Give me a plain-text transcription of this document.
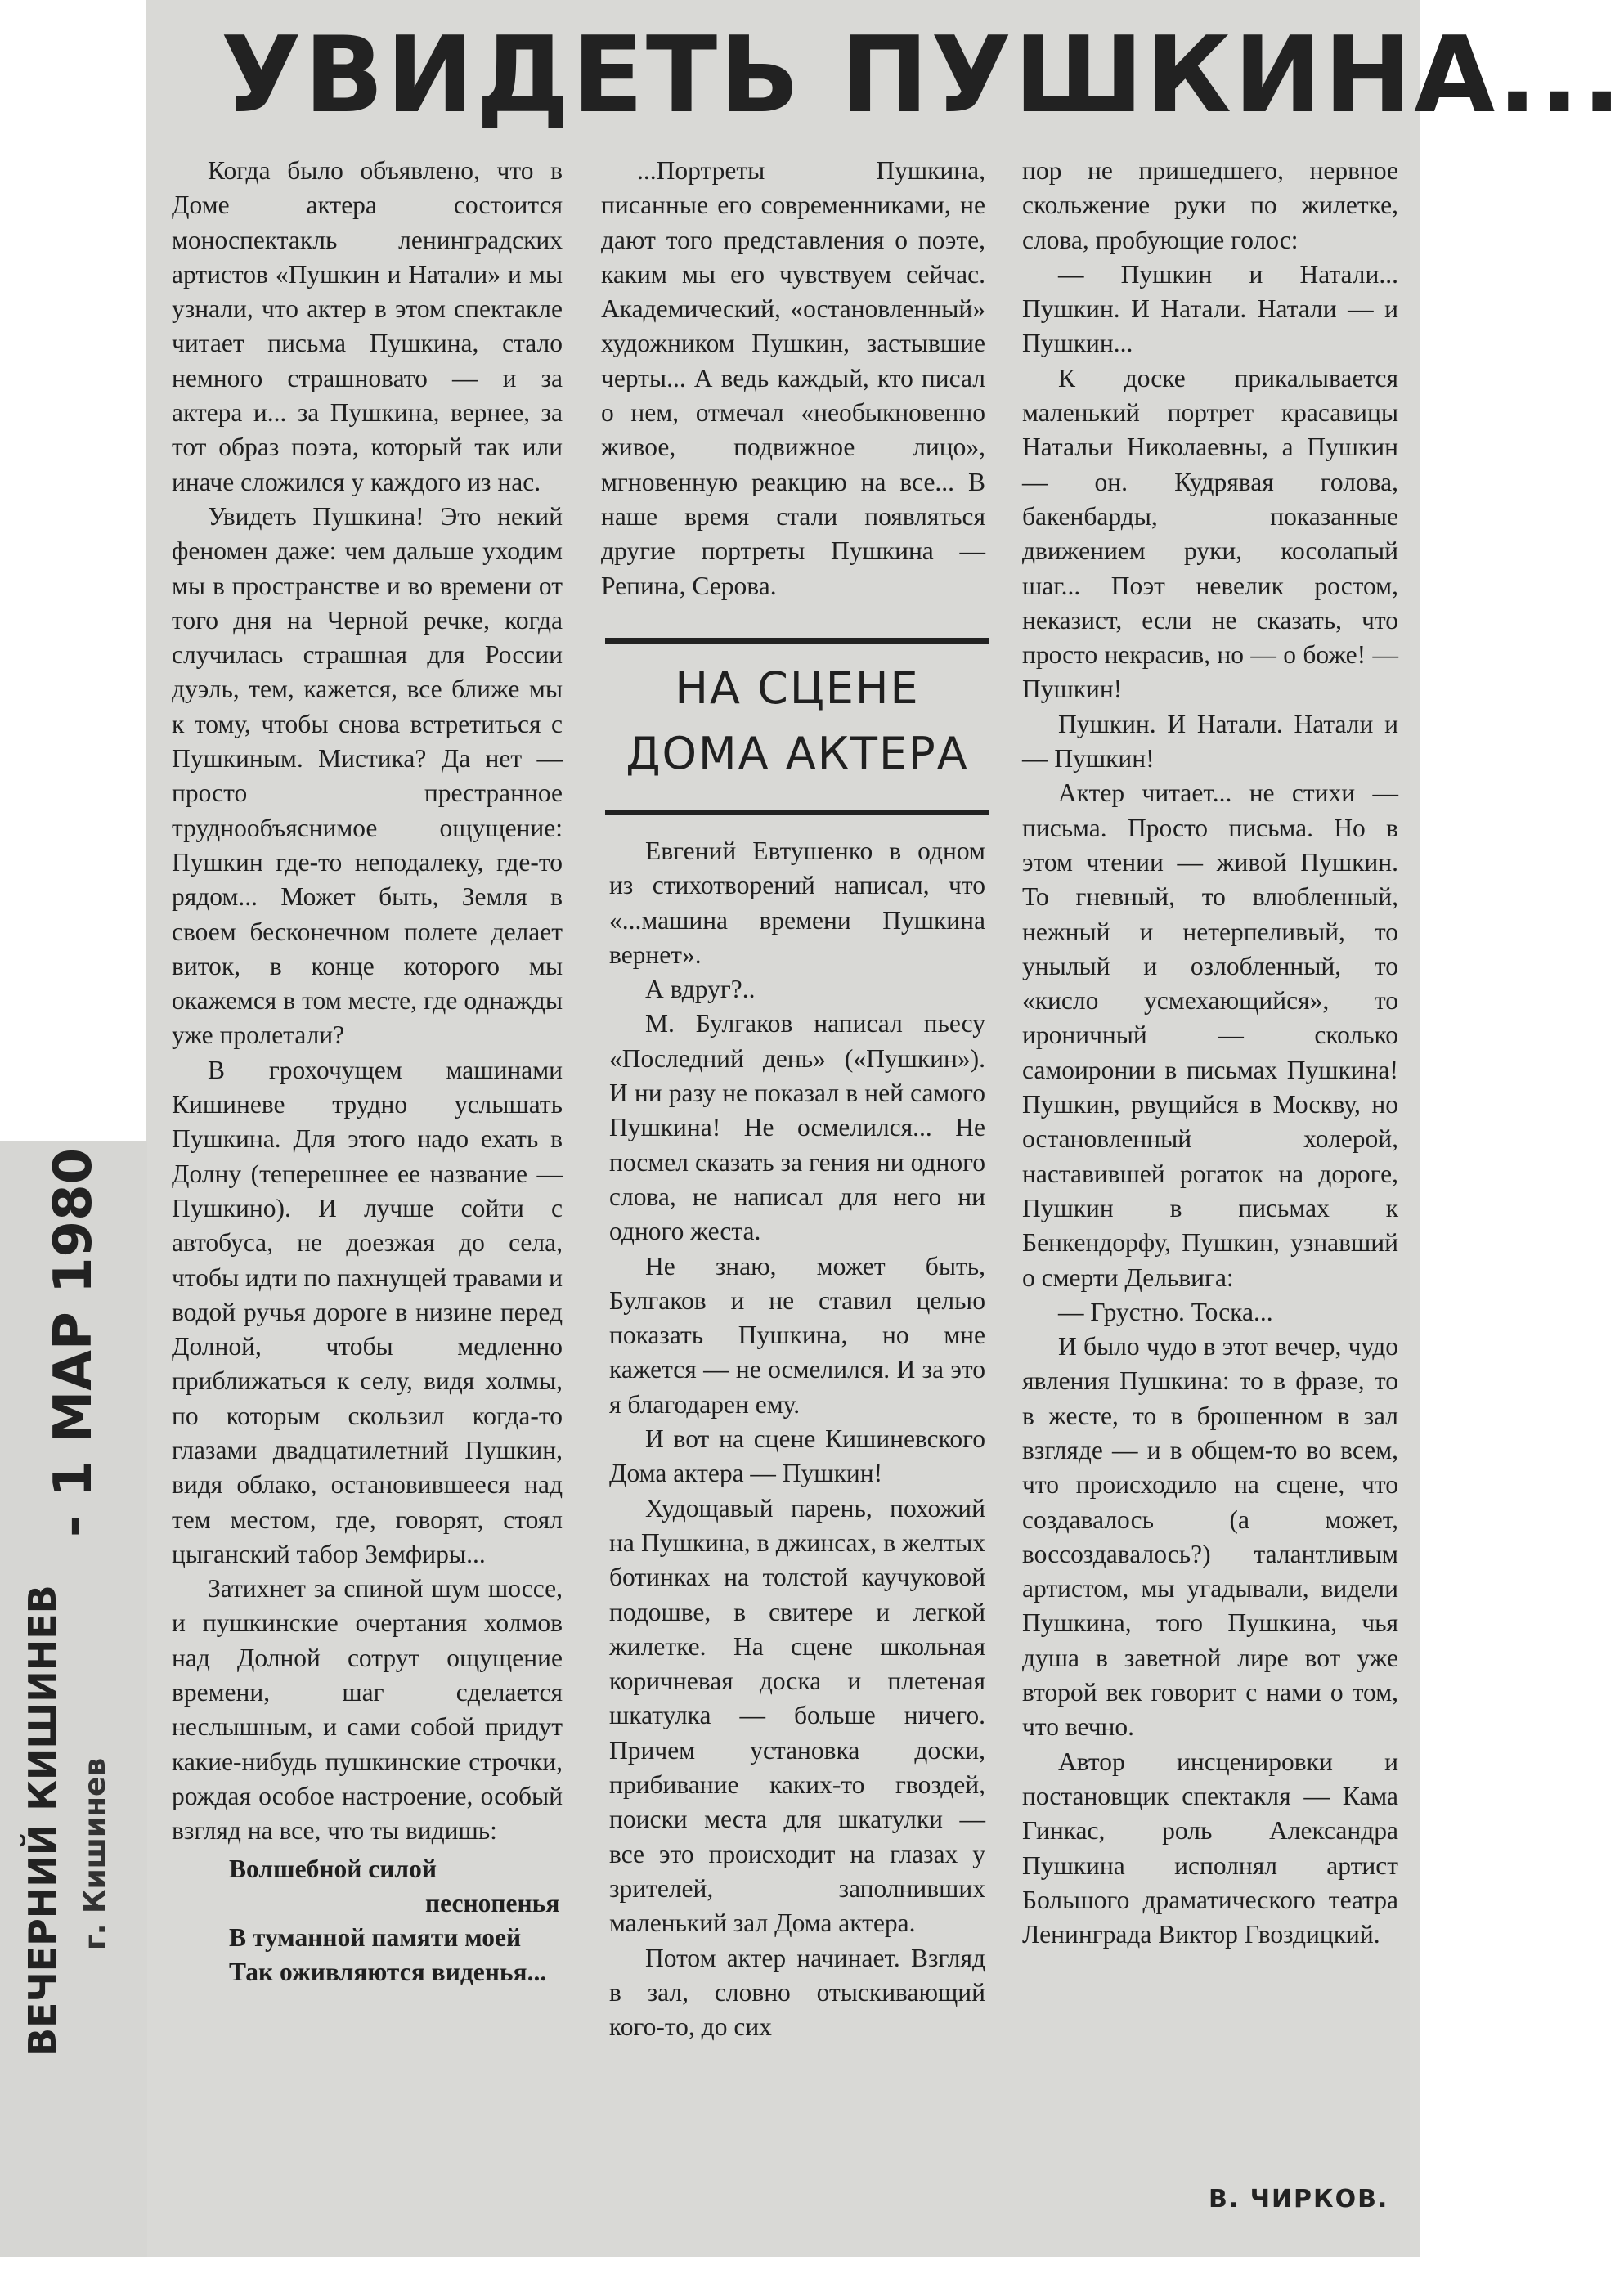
УВИДЕТЬ ПУШКИНА...

Когда было объявлено, что в Доме актера состоится моноспектакль ленинградских артистов «Пушкин и Натали» и мы узнали, что актер в этом спектакле читает письма Пушкина, стало немного страшновато — и за актера и... за Пушкина, вернее, за тот образ поэта, который так или иначе сложился у каждого из нас.

Увидеть Пушкина! Это некий феномен даже: чем дальше уходим мы в пространстве и во времени от того дня на Черной речке, когда случилась страшная для России дуэль, тем, кажется, все ближе мы к тому, чтобы снова встретиться с Пушкиным. Мистика? Да нет — просто престранное труднообъяснимое ощущение: Пушкин где-то неподалеку, где-то рядом... Может быть, Земля в своем бесконечном полете делает виток, в конце которого мы окажемся в том месте, где однажды уже пролетали?

В грохочущем машинами Кишиневе трудно услышать Пушкина. Для этого надо ехать в Долну (теперешнее ее название — Пушкино). И лучше сойти с автобуса, не доезжая до села, чтобы идти по пахнущей травами и водой ручья дороге в низине перед Долной, чтобы медленно приближаться к селу, видя холмы, по которым скользил когда-то глазами двадцатилетний Пушкин, видя облако, остановившееся над тем местом, где, говорят, стоял цыганский табор Земфиры...

Затихнет за спиной шум шоссе, и пушкинские очертания холмов над Долной сотрут ощущение времени, шаг сделается неслышным, и сами собой придут какие-нибудь пушкинские строчки, рождая особое настроение, особый взгляд на все, что ты видишь:

Волшебной силой
песнопенья
В туманной памяти моей
Так оживляются виденья...

...Портреты Пушкина, писанные его современниками, не дают того представления о поэте, каким мы его чувствуем сейчас. Академический, «остановленный» художником Пушкин, застывшие черты... А ведь каждый, кто писал о нем, отмечал «необыкновенно живое, подвижное лицо», мгновенную реакцию на все... В наше время стали появляться другие портреты Пушкина — Репина, Серова.

НА СЦЕНЕ
ДОМА АКТЕРА

Евгений Евтушенко в одном из стихотворений написал, что «...машина времени Пушкина вернет».

А вдруг?..

М. Булгаков написал пьесу «Последний день» («Пушкин»). И ни разу не показал в ней самого Пушкина! Не осмелился... Не посмел сказать за гения ни одного слова, не написал для него ни одного жеста.

Не знаю, может быть, Булгаков и не ставил целью показать Пушкина, но мне кажется — не осмелился. И за это я благодарен ему.

И вот на сцене Кишиневского Дома актера — Пушкин!

Худощавый парень, похожий на Пушкина, в джинсах, в желтых ботинках на толстой каучуковой подошве, в свитере и легкой жилетке. На сцене школьная коричневая доска и плетеная шкатулка — больше ничего. Причем установка доски, прибивание каких-то гвоздей, поиски места для шкатулки — все это происходит на глазах у зрителей, заполнивших маленький зал Дома актера.

Потом актер начинает. Взгляд в зал, словно отыскивающий кого-то, до сих

пор не пришедшего, нервное скольжение руки по жилетке, слова, пробующие голос:

— Пушкин и Натали... Пушкин. И Натали. Натали — и Пушкин...

К доске прикалывается маленький портрет красавицы Натальи Николаевны, а Пушкин — он. Кудрявая голова, бакенбарды, показанные движением руки, косолапый шаг... Поэт невелик ростом, неказист, если не сказать, что просто некрасив, но — о боже! — Пушкин!

Пушкин. И Натали. Натали и — Пушкин!

Актер читает... не стихи — письма. Просто письма. Но в этом чтении — живой Пушкин. То гневный, то влюбленный, нежный и нетерпеливый, то унылый и озлобленный, то «кисло усмехающийся», то ироничный — сколько самоиронии в письмах Пушкина! Пушкин, рвущийся в Москву, но остановленный холерой, наставившей рогаток на дороге, Пушкин в письмах к Бенкендорфу, Пушкин, узнавший о смерти Дельвига:

— Грустно. Тоска...

И было чудо в этот вечер, чудо явления Пушкина: то в фразе, то в жесте, то в брошенном в зал взгляде — и в общем-то во всем, что происходило на сцене, что создавалось (а может, воссоздавалось?) талантливым артистом, мы угадывали, видели Пушкина, того Пушкина, чья душа в заветной лире вот уже второй век говорит с нами о том, что вечно.

Автор инсценировки и постановщик спектакля — Кама Гинкас, роль Александра Пушкина исполнял артист Большого драматического театра Ленинграда Виктор Гвоздицкий.

В. ЧИРКОВ.
- 1 МАР 1980
ВЕЧЕРНИЙ КИШИНЕВ г. Кишинев
